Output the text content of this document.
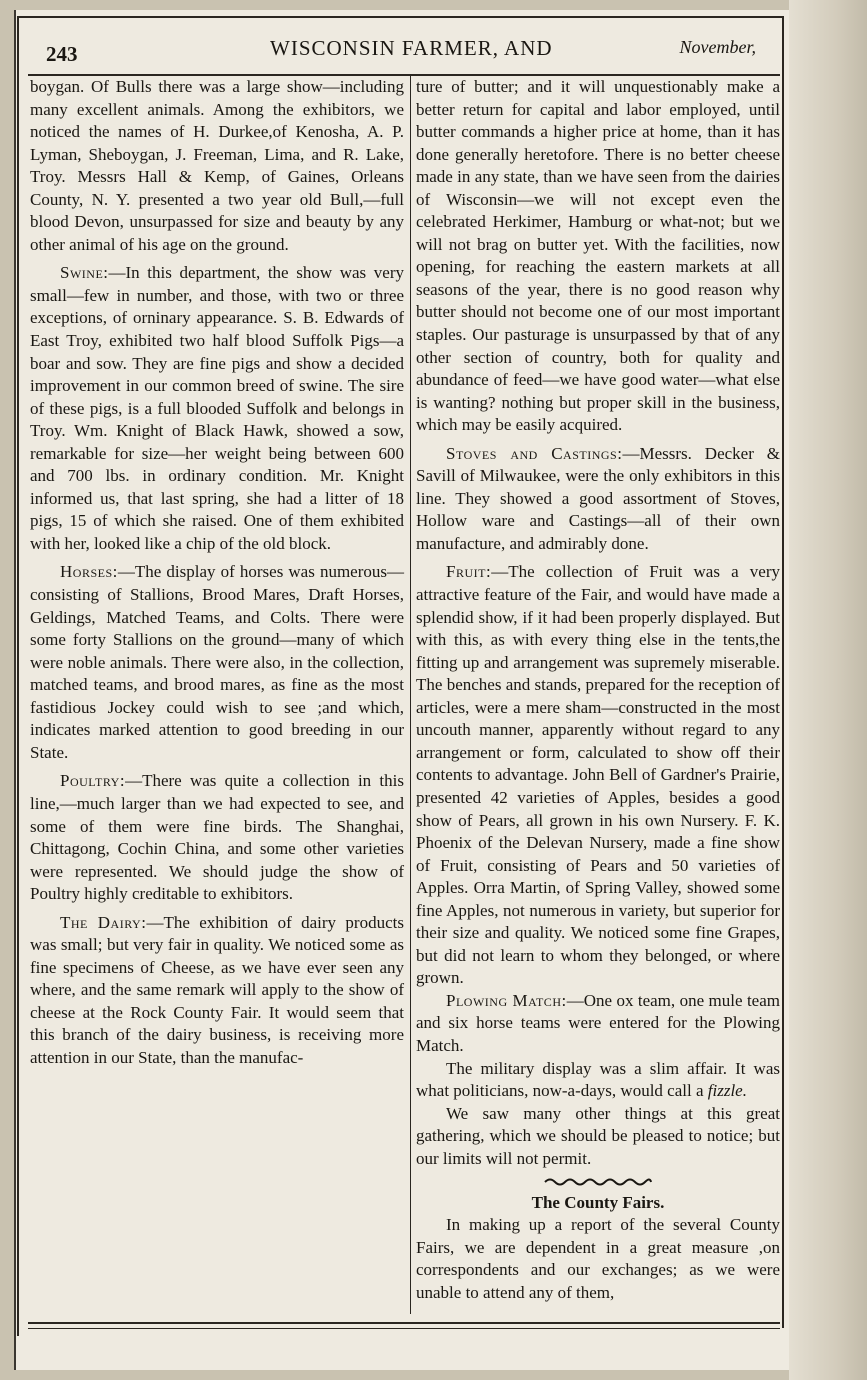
243	WISCONSIN FARMER, AND	November,

boygan. Of Bulls there was a large show—including many excellent animals. Among the exhibitors, we noticed the names of H. Durkee,of Kenosha, A. P. Lyman, Sheboygan, J. Freeman, Lima, and R. Lake, Troy. Messrs Hall & Kemp, of Gaines, Orleans County, N. Y. presented a two year old Bull,—full blood Devon, unsurpassed for size and beauty by any other animal of his age on the ground.

Swine:—In this department, the show was very small—few in number, and those, with two or three exceptions, of orninary appearance. S. B. Edwards of East Troy, exhibited two half blood Suffolk Pigs—a boar and sow. They are fine pigs and show a decided improvement in our common breed of swine. The sire of these pigs, is a full blooded Suffolk and belongs in Troy. Wm. Knight of Black Hawk, showed a sow, remarkable for size—her weight being between 600 and 700 lbs. in ordinary condition. Mr. Knight informed us, that last spring, she had a litter of 18 pigs, 15 of which she raised. One of them exhibited with her, looked like a chip of the old block.

Horses:—The display of horses was numerous—consisting of Stallions, Brood Mares, Draft Horses, Geldings, Matched Teams, and Colts. There were some forty Stallions on the ground—many of which were noble animals. There were also, in the collection, matched teams, and brood mares, as fine as the most fastidious Jockey could wish to see ;and which, indicates marked attention to good breeding in our State.

Poultry:—There was quite a collection in this line,—much larger than we had expected to see, and some of them were fine birds. The Shanghai, Chittagong, Cochin China, and some other varieties were represented. We should judge the show of Poultry highly creditable to exhibitors.

The Dairy:—The exhibition of dairy products was small; but very fair in quality. We noticed some as fine specimens of Cheese, as we have ever seen any where, and the same remark will apply to the show of cheese at the Rock County Fair. It would seem that this branch of the dairy business, is receiving more attention in our State, than the manufac-

ture of butter; and it will unquestionably make a better return for capital and labor employed, until butter commands a higher price at home, than it has done generally heretofore. There is no better cheese made in any state, than we have seen from the dairies of Wisconsin—we will not except even the celebrated Herkimer, Hamburg or what-not; but we will not brag on butter yet. With the facilities, now opening, for reaching the eastern markets at all seasons of the year, there is no good reason why butter should not become one of our most important staples. Our pasturage is unsurpassed by that of any other section of country, both for quality and abundance of feed—we have good water—what else is wanting? nothing but proper skill in the business, which may be easily acquired.

Stoves and Castings:—Messrs. Decker & Savill of Milwaukee, were the only exhibitors in this line. They showed a good assortment of Stoves, Hollow ware and Castings—all of their own manufacture, and admirably done.

Fruit:—The collection of Fruit was a very attractive feature of the Fair, and would have made a splendid show, if it had been properly displayed. But with this, as with every thing else in the tents,the fitting up and arrangement was supremely miserable. The benches and stands, prepared for the reception of articles, were a mere sham—constructed in the most uncouth manner, apparently without regard to any arrangement or form, calculated to show off their contents to advantage. John Bell of Gardner's Prairie, presented 42 varieties of Apples, besides a good show of Pears, all grown in his own Nursery. F. K. Phoenix of the Delevan Nursery, made a fine show of Fruit, consisting of Pears and 50 varieties of Apples. Orra Martin, of Spring Valley, showed some fine Apples, not numerous in variety, but superior for their size and quality. We noticed some fine Grapes, but did not learn to whom they belonged, or where grown.

Plowing Match:—One ox team, one mule team and six horse teams were entered for the Plowing Match.

The military display was a slim affair. It was what politicians, now-a-days, would call a fizzle.

We saw many other things at this great gathering, which we should be pleased to notice; but our limits will not permit.

The County Fairs.

In making up a report of the several County Fairs, we are dependent in a great measure ,on correspondents and our exchanges; as we were unable to attend any of them,
